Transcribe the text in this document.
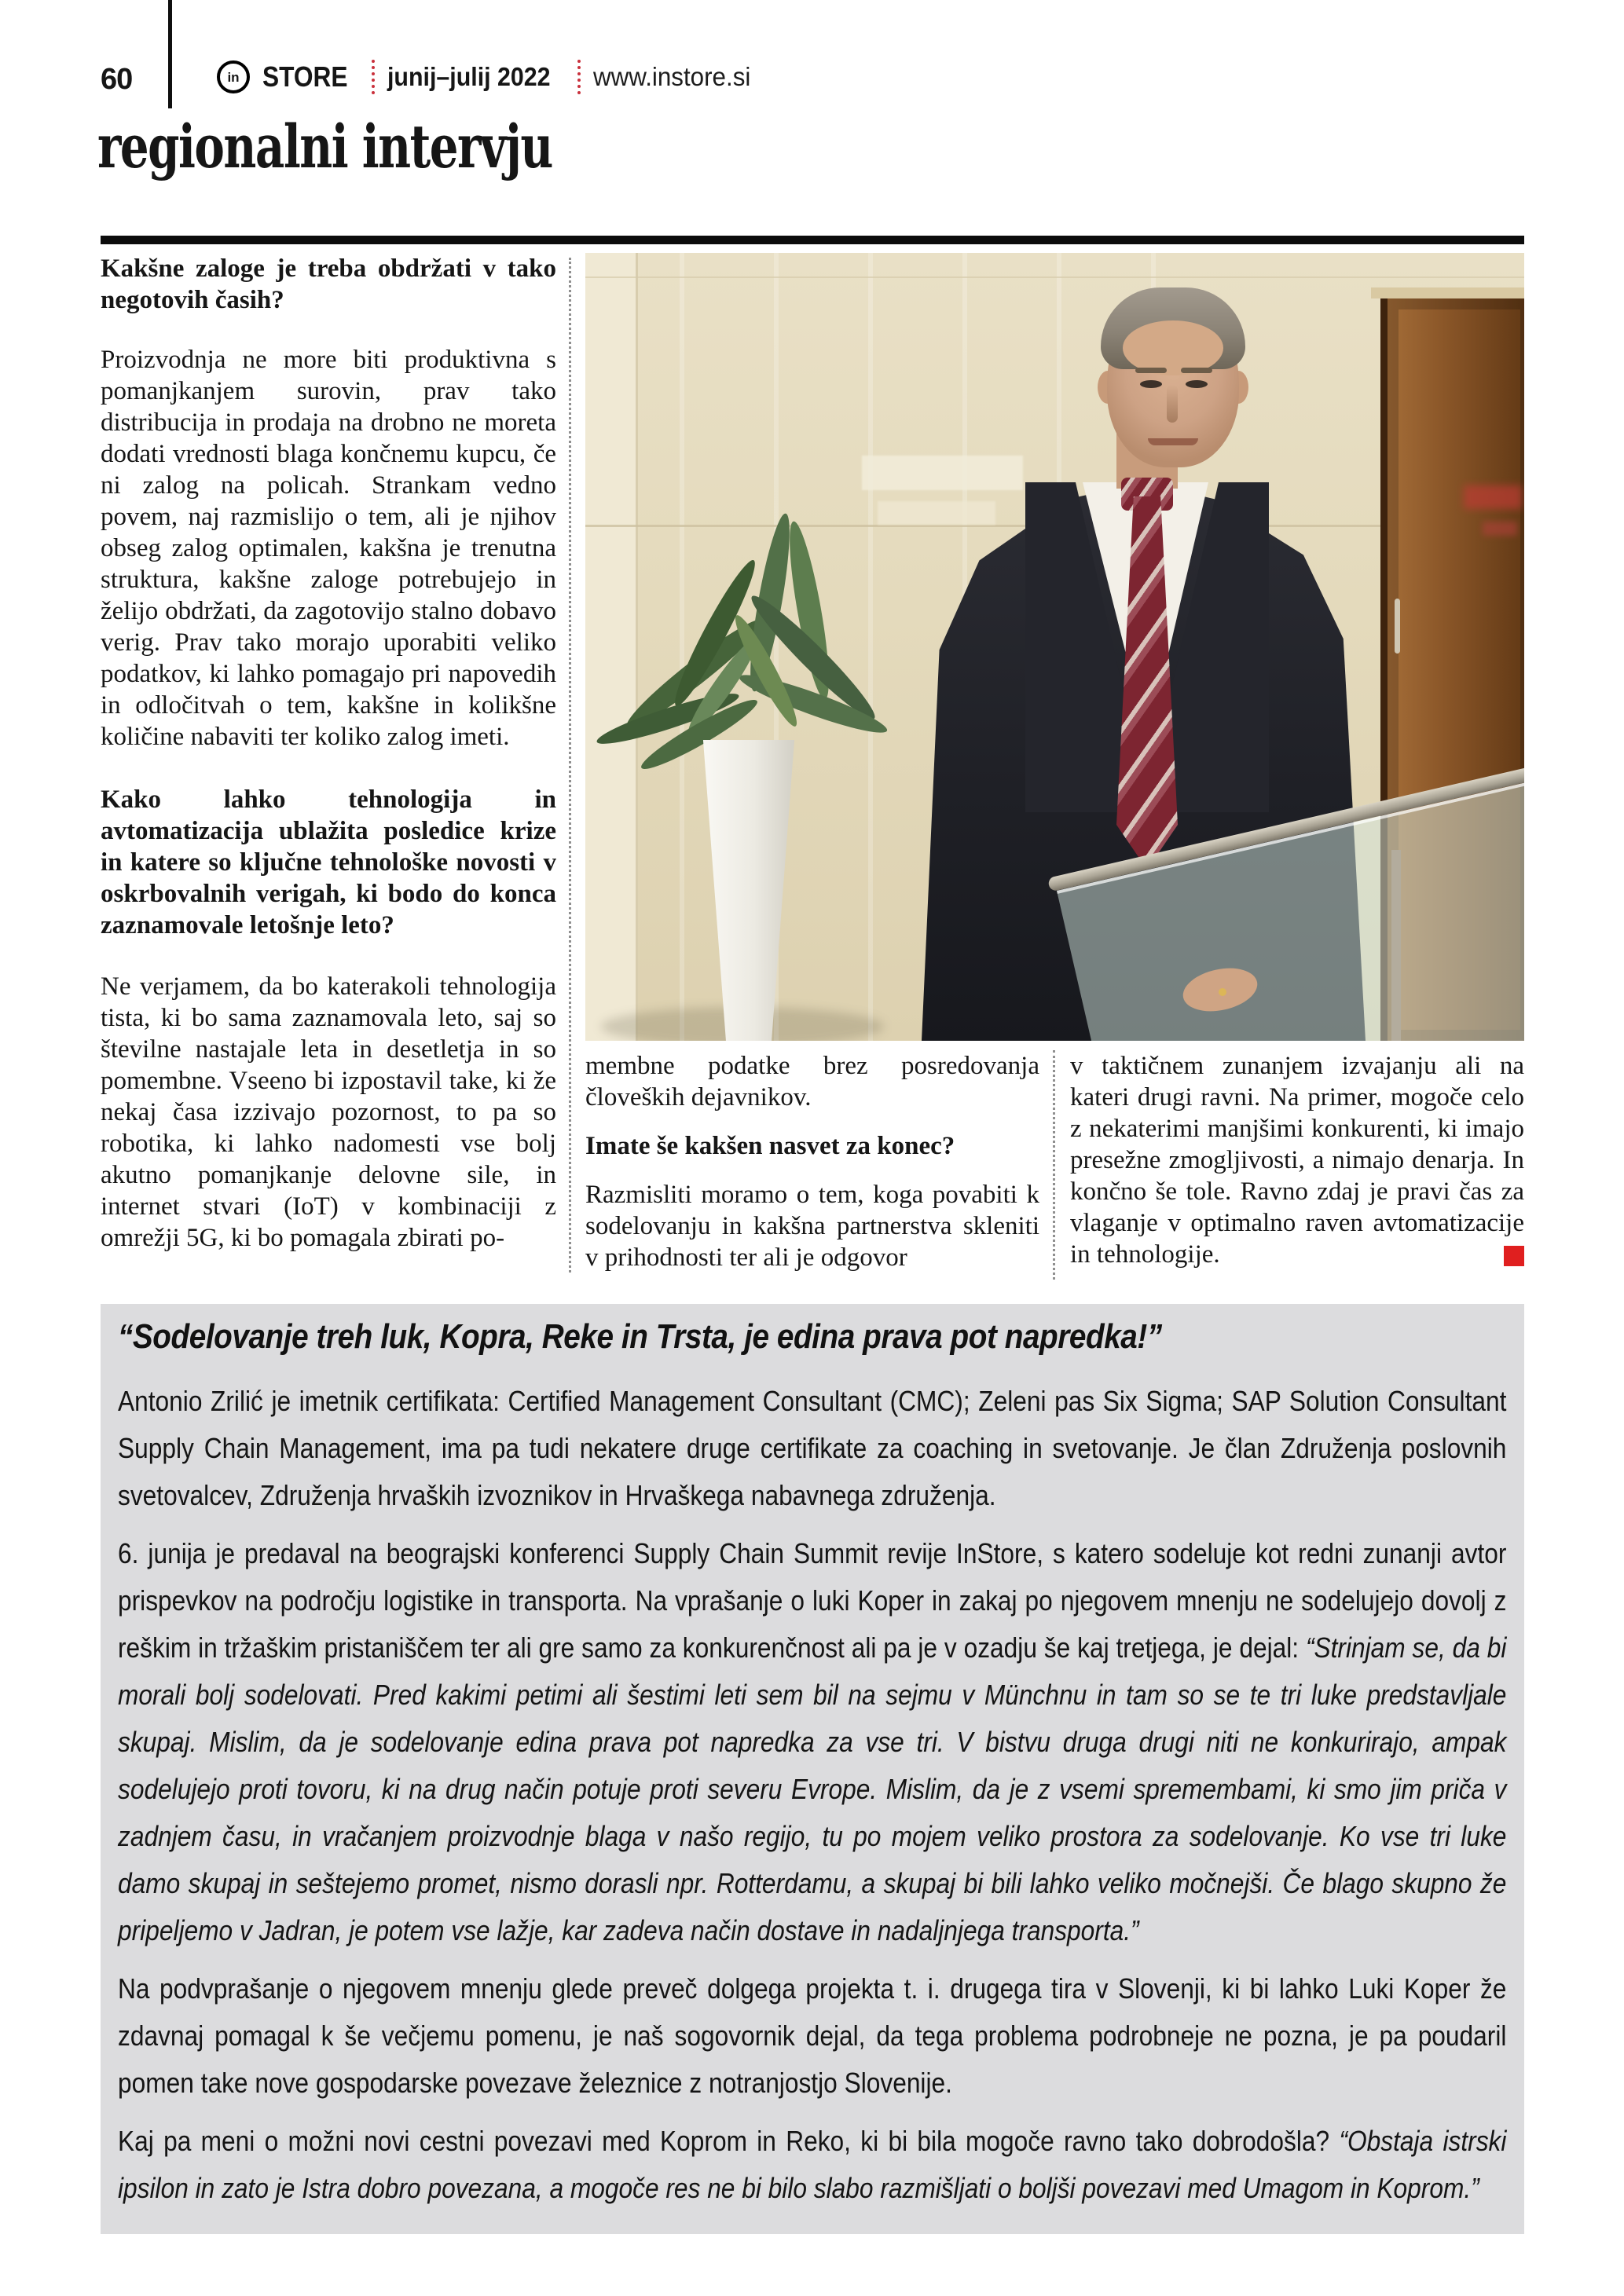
60	in STORE junij–julij 2022 www.instore.si
regionalni intervju
Kakšne zaloge je treba obdržati v tako negotovih časih?

Proizvodnja ne more biti produktivna s pomanjkanjem surovin, prav tako distribucija in prodaja na drobno ne moreta dodati vrednosti blaga končnemu kupcu, če ni zalog na policah. Strankam vedno povem, naj razmislijo o tem, ali je njihov obseg zalog optimalen, kakšna je trenutna struktura, kakšne zaloge potrebujejo in želijo obdržati, da zagotovijo stalno dobavo verig. Prav tako morajo uporabiti veliko podatkov, ki lahko pomagajo pri napovedih in odločitvah o tem, kakšne in kolikšne količine nabaviti ter koliko zalog imeti.

Kako lahko tehnologija in avtomatizacija ublažita posledice krize in katere so ključne tehnološke novosti v oskrbovalnih verigah, ki bodo do konca zaznamovale letošnje leto?

Ne verjamem, da bo katerakoli tehnologija tista, ki bo sama zaznamovala leto, saj so številne nastajale leta in desetletja in so pomembne. Vseeno bi izpostavil take, ki že nekaj časa izzivajo pozornost, to pa so robotika, ki lahko nadomesti vse bolj akutno pomanjkanje delovne sile, in internet stvari (IoT) v kombinaciji z omrežji 5G, ki bo pomagala zbirati po-

membne podatke brez posredovanja človeških dejavnikov.

Imate še kakšen nasvet za konec?

Razmisliti moramo o tem, koga povabiti k sodelovanju in kakšna partnerstva skleniti v prihodnosti ter ali je odgovor

v taktičnem zunanjem izvajanju ali na kateri drugi ravni. Na primer, mogoče celo z nekaterimi manjšimi konkurenti, ki imajo presežne zmogljivosti, a nimajo denarja. In končno še tole. Ravno zdaj je pravi čas za vlaganje v optimalno raven avtomatizacije in tehnologije.

“Sodelovanje treh luk, Kopra, Reke in Trsta, je edina prava pot napredka!”

Antonio Zrilić je imetnik certifikata: Certified Management Consultant (CMC); Zeleni pas Six Sigma; SAP Solution Consultant Supply Chain Management, ima pa tudi nekatere druge certifikate za coaching in svetovanje. Je član Združenja poslovnih svetovalcev, Združenja hrvaških izvoznikov in Hrvaškega nabavnega združenja.

6. junija je predaval na beograjski konferenci Supply Chain Summit revije InStore, s katero sodeluje kot redni zunanji avtor prispevkov na področju logistike in transporta. Na vprašanje o luki Koper in zakaj po njegovem mnenju ne sodelujejo dovolj z reškim in tržaškim pristaniščem ter ali gre samo za konkurenčnost ali pa je v ozadju še kaj tretjega, je dejal: “Strinjam se, da bi morali bolj sodelovati. Pred kakimi petimi ali šestimi leti sem bil na sejmu v Münchnu in tam so se te tri luke predstavljale skupaj. Mislim, da je sodelovanje edina prava pot napredka za vse tri. V bistvu druga drugi niti ne konkurirajo, ampak sodelujejo proti tovoru, ki na drug način potuje proti severu Evrope. Mislim, da je z vsemi spremembami, ki smo jim priča v zadnjem času, in vračanjem proizvodnje blaga v našo regijo, tu po mojem veliko prostora za sodelovanje. Ko vse tri luke damo skupaj in seštejemo promet, nismo dorasli npr. Rotterdamu, a skupaj bi bili lahko veliko močnejši. Če blago skupno že pripeljemo v Jadran, je potem vse lažje, kar zadeva način dostave in nadaljnjega transporta.”

Na podvprašanje o njegovem mnenju glede preveč dolgega projekta t. i. drugega tira v Slovenji, ki bi lahko Luki Koper že zdavnaj pomagal k še večjemu pomenu, je naš sogovornik dejal, da tega problema podrobneje ne pozna, je pa poudaril pomen take nove gospodarske povezave železnice z notranjostjo Slovenije.

Kaj pa meni o možni novi cestni povezavi med Koprom in Reko, ki bi bila mogoče ravno tako dobrodošla? “Obstaja istrski ipsilon in zato je Istra dobro povezana, a mogoče res ne bi bilo slabo razmišljati o boljši povezavi med Umagom in Koprom.”
